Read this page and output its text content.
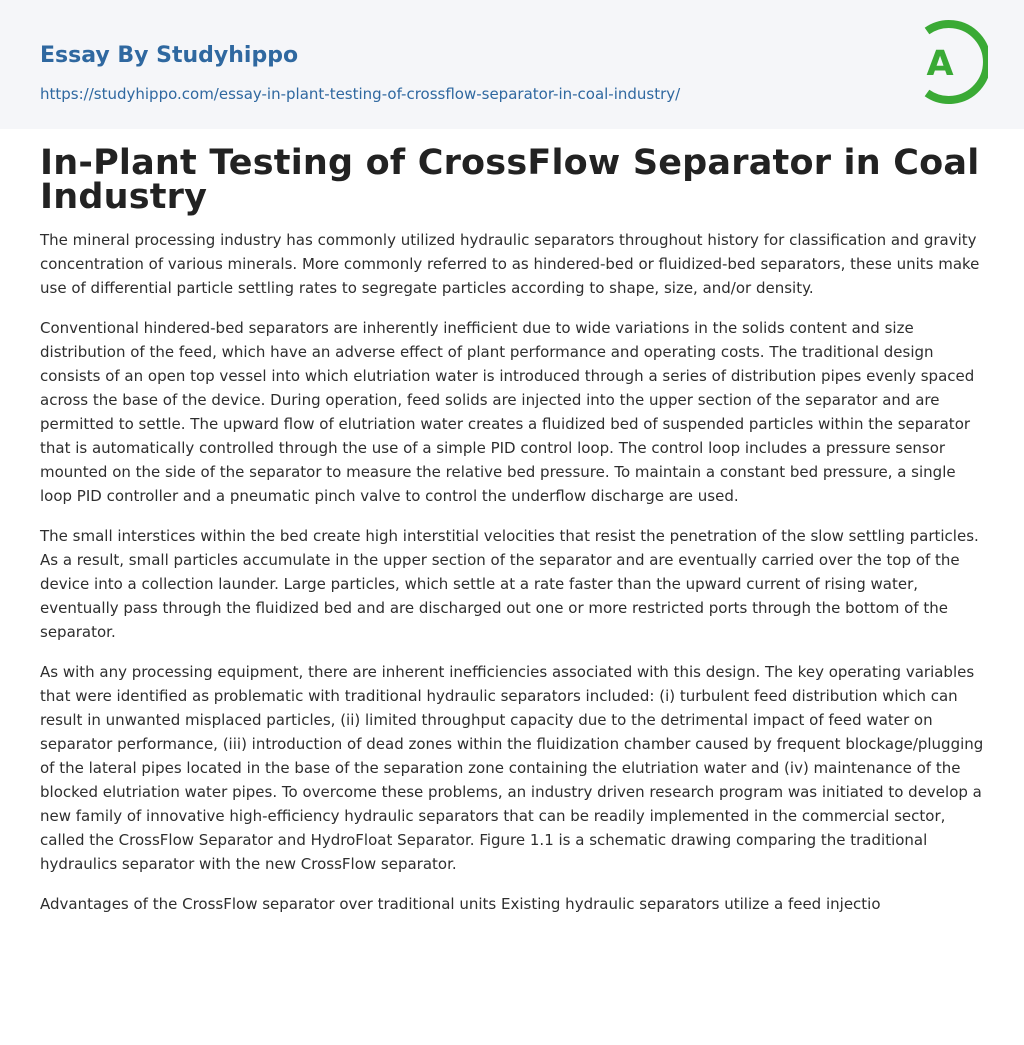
Essay By Studyhippo
https://studyhippo.com/essay-in-plant-testing-of-crossflow-separator-in-coal-industry/
A
In-Plant Testing of CrossFlow Separator in Coal Industry

The mineral processing industry has commonly utilized hydraulic separators throughout history for classification and gravity concentration of various minerals. More commonly referred to as hindered-bed or fluidized-bed separators, these units make use of differential particle settling rates to segregate particles according to shape, size, and/or density.

Conventional hindered-bed separators are inherently inefficient due to wide variations in the solids content and size distribution of the feed, which have an adverse effect of plant performance and operating costs. The traditional design consists of an open top vessel into which elutriation water is introduced through a series of distribution pipes evenly spaced across the base of the device. During operation, feed solids are injected into the upper section of the separator and are permitted to settle. The upward flow of elutriation water creates a fluidized bed of suspended particles within the separator that is automatically controlled through the use of a simple PID control loop. The control loop includes a pressure sensor mounted on the side of the separator to measure the relative bed pressure. To maintain a constant bed pressure, a single loop PID controller and a pneumatic pinch valve to control the underflow discharge are used.

The small interstices within the bed create high interstitial velocities that resist the penetration of the slow settling particles. As a result, small particles accumulate in the upper section of the separator and are eventually carried over the top of the device into a collection launder. Large particles, which settle at a rate faster than the upward current of rising water, eventually pass through the fluidized bed and are discharged out one or more restricted ports through the bottom of the separator.

As with any processing equipment, there are inherent inefficiencies associated with this design. The key operating variables that were identified as problematic with traditional hydraulic separators included: (i) turbulent feed distribution which can result in unwanted misplaced particles, (ii) limited throughput capacity due to the detrimental impact of feed water on separator performance, (iii) introduction of dead zones within the fluidization chamber caused by frequent blockage/plugging of the lateral pipes located in the base of the separation zone containing the elutriation water and (iv) maintenance of the blocked elutriation water pipes. To overcome these problems, an industry driven research program was initiated to develop a new family of innovative high-efficiency hydraulic separators that can be readily implemented in the commercial sector, called the CrossFlow Separator and HydroFloat Separator. Figure 1.1 is a schematic drawing comparing the traditional hydraulics separator with the new CrossFlow separator.

Advantages of the CrossFlow separator over traditional units Existing hydraulic separators utilize a feed injectio
